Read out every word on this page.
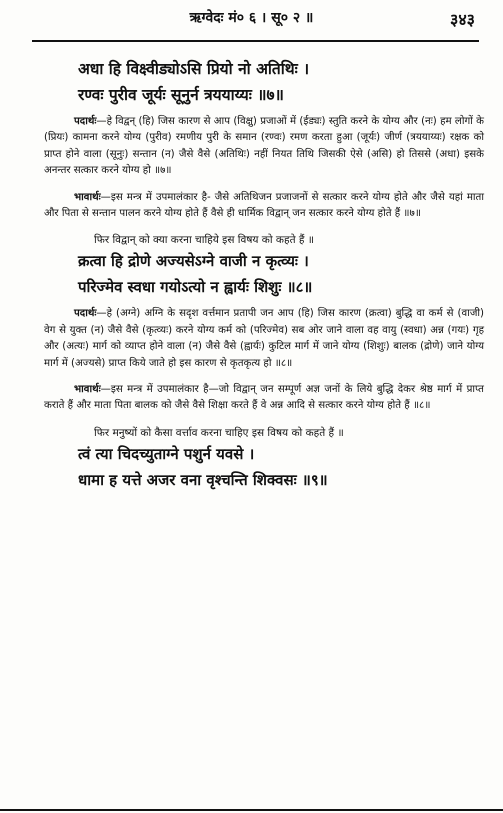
ऋग्वेदः मं० ६ । सू० २ ॥	३४३
अधा हि विक्ष्वीड्योऽसि प्रियो नो अतिथिः ।
रण्वः पुरीव जूर्यः सूनुर्न त्रययाय्यः ॥७॥

पदार्थः—हे विद्वन् (हि) जिस कारण से आप (विक्षु) प्रजाओं में (ईड्यः) स्तुति करने के योग्य और (नः) हम लोगों के (प्रियः) कामना करने योग्य (पुरीव) रमणीय पुरी के समान (रण्वः) रमण करता हुआ (जूर्यः) जीर्ण (त्रययाय्यः) रक्षक को प्राप्त होने वाला (सूनुः) सन्तान (न) जैसे वैसे (अतिथिः) नहीं नियत तिथि जिसकी ऐसे (असि) हो तिससे (अधा) इसके अनन्तर सत्कार करने योग्य हो ॥७॥

भावार्थः—इस मन्त्र में उपमालंकार है- जैसे अतिथिजन प्रजाजनों से सत्कार करने योग्य होते और जैसे यहां माता और पिता से सन्तान पालन करने योग्य होते हैं वैसे ही धार्मिक विद्वान् जन सत्कार करने योग्य होते हैं ॥७॥

फिर विद्वान् को क्या करना चाहिये इस विषय को कहते हैं ॥
क्रत्वा हि द्रोणे अज्यसेऽग्ने वाजी न कृत्व्यः ।
परिज्मेव स्वधा गयोऽत्यो न ह्वार्यः शिशुः ॥८॥

पदार्थः—हे (अग्ने) अग्नि के सदृश वर्त्तमान प्रतापी जन आप (हि) जिस कारण (क्रत्वा) बुद्धि वा कर्म से (वाजी) वेग से युक्त (न) जैसे वैसे (कृत्व्यः) करने योग्य कर्म को (परिज्मेव) सब ओर जाने वाला वह वायु (स्वधा) अन्न (गयः) गृह और (अत्यः) मार्ग को व्याप्त होने वाला (न) जैसे वैसे (ह्वार्यः) कुटिल मार्ग में जाने योग्य (शिशुः) बालक (द्रोणे) जाने योग्य मार्ग में (अज्यसे) प्राप्त किये जाते हो इस कारण से कृतकृत्य हो ॥८॥

भावार्थः—इस मन्त्र में उपमालंकार है—जो विद्वान् जन सम्पूर्ण अज्ञ जनों के लिये बुद्धि देकर श्रेष्ठ मार्ग में प्राप्त कराते हैं और माता पिता बालक को जैसे वैसे शिक्षा करते हैं वे अन्न आदि से सत्कार करने योग्य होते हैं ॥८॥

फिर मनुष्यों को कैसा वर्त्ताव करना चाहिए इस विषय को कहते हैं ॥
त्वं त्या चिदच्युताग्ने पशुर्न यवसे ।
धामा ह यत्ते अजर वना वृश्चन्ति शिक्वसः ॥९॥
